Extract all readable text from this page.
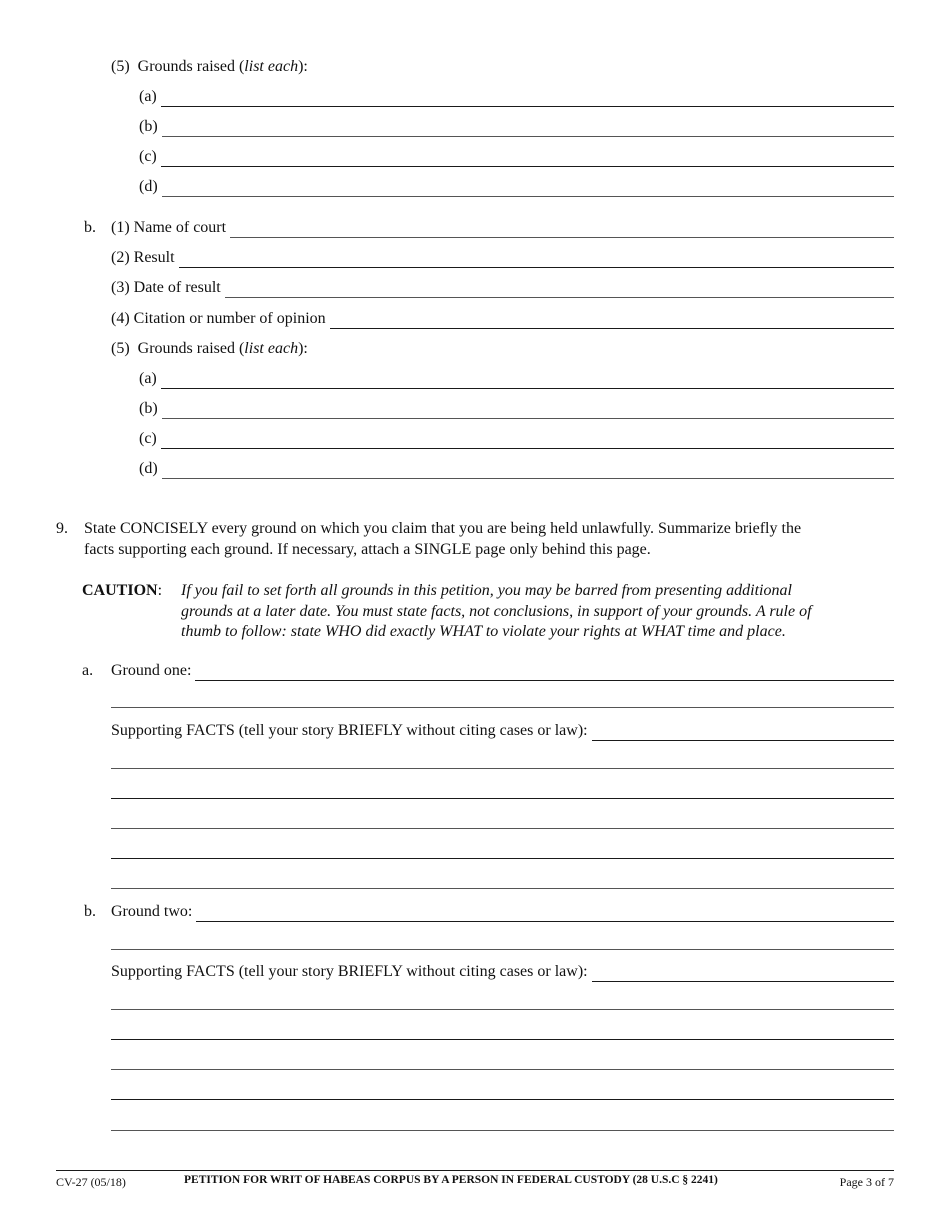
(5) Grounds raised (list each):
(a)
(b)
(c)
(d)
b. (1) Name of court
(2) Result
(3) Date of result
(4) Citation or number of opinion
(5) Grounds raised (list each):
(a)
(b)
(c)
(d)
9. State CONCISELY every ground on which you claim that you are being held unlawfully. Summarize briefly the
facts supporting each ground. If necessary, attach a SINGLE page only behind this page.
CAUTION: If you fail to set forth all grounds in this petition, you may be barred from presenting additional
grounds at a later date. You must state facts, not conclusions, in support of your grounds. A rule of
thumb to follow: state WHO did exactly WHAT to violate your rights at WHAT time and place.
a. Ground one:
Supporting FACTS (tell your story BRIEFLY without citing cases or law):
b. Ground two:
Supporting FACTS (tell your story BRIEFLY without citing cases or law):
CV-27 (05/18)	PETITION FOR WRIT OF HABEAS CORPUS BY A PERSON IN FEDERAL CUSTODY (28 U.S.C § 2241)	Page 3 of 7
